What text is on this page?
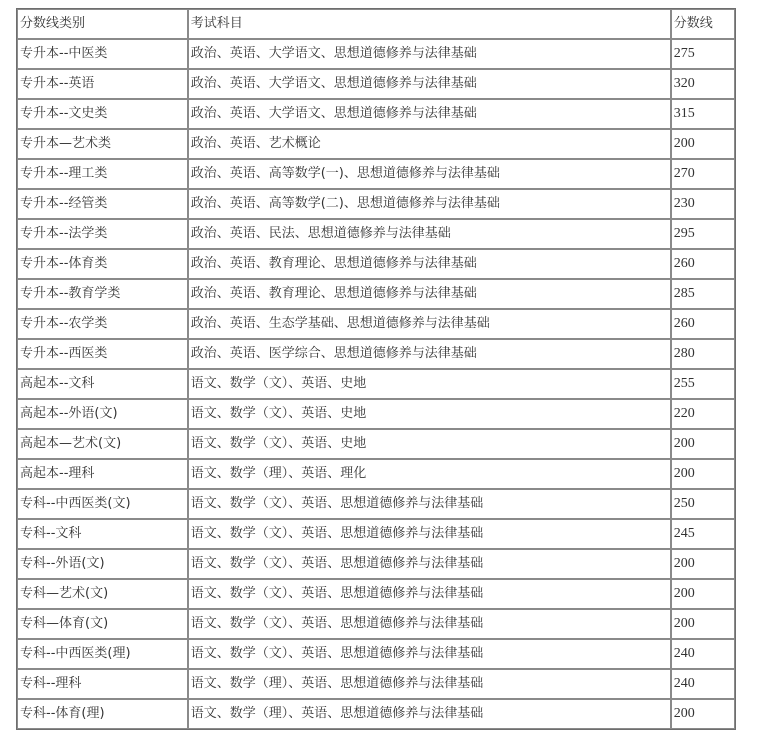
分数线类别	考试科目	分数线
专升本--中医类	政治、英语、大学语文、思想道德修养与法律基础	275
专升本--英语	政治、英语、大学语文、思想道德修养与法律基础	320
专升本--文史类	政治、英语、大学语文、思想道德修养与法律基础	315
专升本—艺术类	政治、英语、艺术概论	200
专升本--理工类	政治、英语、高等数学(一)、思想道德修养与法律基础	270
专升本--经管类	政治、英语、高等数学(二)、思想道德修养与法律基础	230
专升本--法学类	政治、英语、民法、思想道德修养与法律基础	295
专升本--体育类	政治、英语、教育理论、思想道德修养与法律基础	260
专升本--教育学类	政治、英语、教育理论、思想道德修养与法律基础	285
专升本--农学类	政治、英语、生态学基础、思想道德修养与法律基础	260
专升本--西医类	政治、英语、医学综合、思想道德修养与法律基础	280
高起本--文科	语文、数学（文）、英语、史地	255
高起本--外语(文)	语文、数学（文）、英语、史地	220
高起本—艺术(文)	语文、数学（文）、英语、史地	200
高起本--理科	语文、数学（理）、英语、理化	200
专科--中西医类(文)	语文、数学（文）、英语、思想道德修养与法律基础	250
专科--文科	语文、数学（文）、英语、思想道德修养与法律基础	245
专科--外语(文)	语文、数学（文）、英语、思想道德修养与法律基础	200
专科—艺术(文)	语文、数学（文）、英语、思想道德修养与法律基础	200
专科—体育(文)	语文、数学（文）、英语、思想道德修养与法律基础	200
专科--中西医类(理)	语文、数学（文）、英语、思想道德修养与法律基础	240
专科--理科	语文、数学（理）、英语、思想道德修养与法律基础	240
专科--体育(理)	语文、数学（理）、英语、思想道德修养与法律基础	200
